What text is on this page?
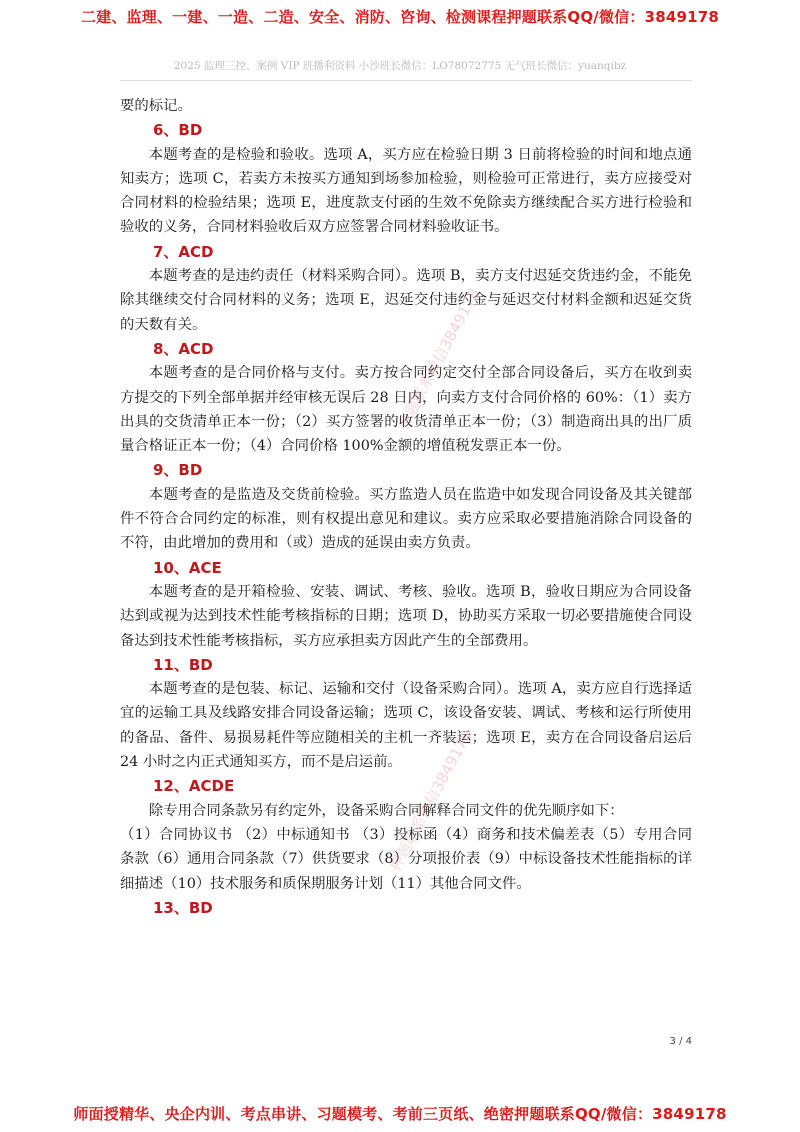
二建、监理、一建、一造、二造、安全、消防、咨询、检测课程押题联系QQ/微信：3849178
2025 监理三控、案例 VIP 班播利资料 小沙班长微信：LO78072775 无气班长微信：yuanqibz

要的标记。

6、BD

本题考查的是检验和验收。选项 A，买方应在检验日期 3 日前将检验的时间和地点通知卖方；选项 C，若卖方未按买方通知到场参加检验，则检验可正常进行，卖方应接受对合同材料的检验结果；选项 E，进度款支付函的生效不免除卖方继续配合买方进行检验和验收的义务，合同材料验收后双方应签署合同材料验收证书。

7、ACD

本题考查的是违约责任（材料采购合同）。选项 B，卖方支付迟延交货违约金，不能免除其继续交付合同材料的义务；选项 E，迟延交付违约金与延迟交付材料金额和迟延交货的天数有关。

8、ACD

本题考查的是合同价格与支付。卖方按合同约定交付全部合同设备后，买方在收到卖方提交的下列全部单据并经审核无误后 28 日内，向卖方支付合同价格的 60%：（1）卖方出具的交货清单正本一份；（2）买方签署的收货清单正本一份；（3）制造商出具的出厂质量合格证正本一份；（4）合同价格 100%金额的增值税发票正本一份。

9、BD

本题考查的是监造及交货前检验。买方监造人员在监造中如发现合同设备及其关键部件不符合合同约定的标准，则有权提出意见和建议。卖方应采取必要措施消除合同设备的不符，由此增加的费用和（或）造成的延误由卖方负责。

10、ACE

本题考查的是开箱检验、安装、调试、考核、验收。选项 B，验收日期应为合同设备达到或视为达到技术性能考核指标的日期；选项 D，协助买方采取一切必要措施使合同设备达到技术性能考核指标，买方应承担卖方因此产生的全部费用。

11、BD

本题考查的是包装、标记、运输和交付（设备采购合同）。选项 A，卖方应自行选择适宜的运输工具及线路安排合同设备运输；选项 C，该设备安装、调试、考核和运行所使用的备品、备件、易损易耗件等应随相关的主机一齐装运；选项 E，卖方在合同设备启运后 24 小时之内正式通知买方，而不是启运前。

12、ACDE

除专用合同条款另有约定外，设备采购合同解释合同文件的优先顺序如下：

（1）合同协议书 （2）中标通知书 （3）投标函（4）商务和技术偏差表（5）专用合同条款（6）通用合同条款（7）供货要求（8）分项报价表（9）中标设备技术性能指标的详细描述（10）技术服务和质保期服务计划（11）其他合同文件。

13、BD

押题联系微信3849178
押题联系微信3849178
3 / 4
师面授精华、央企内训、考点串讲、习题模考、考前三页纸、绝密押题联系QQ/微信：3849178
